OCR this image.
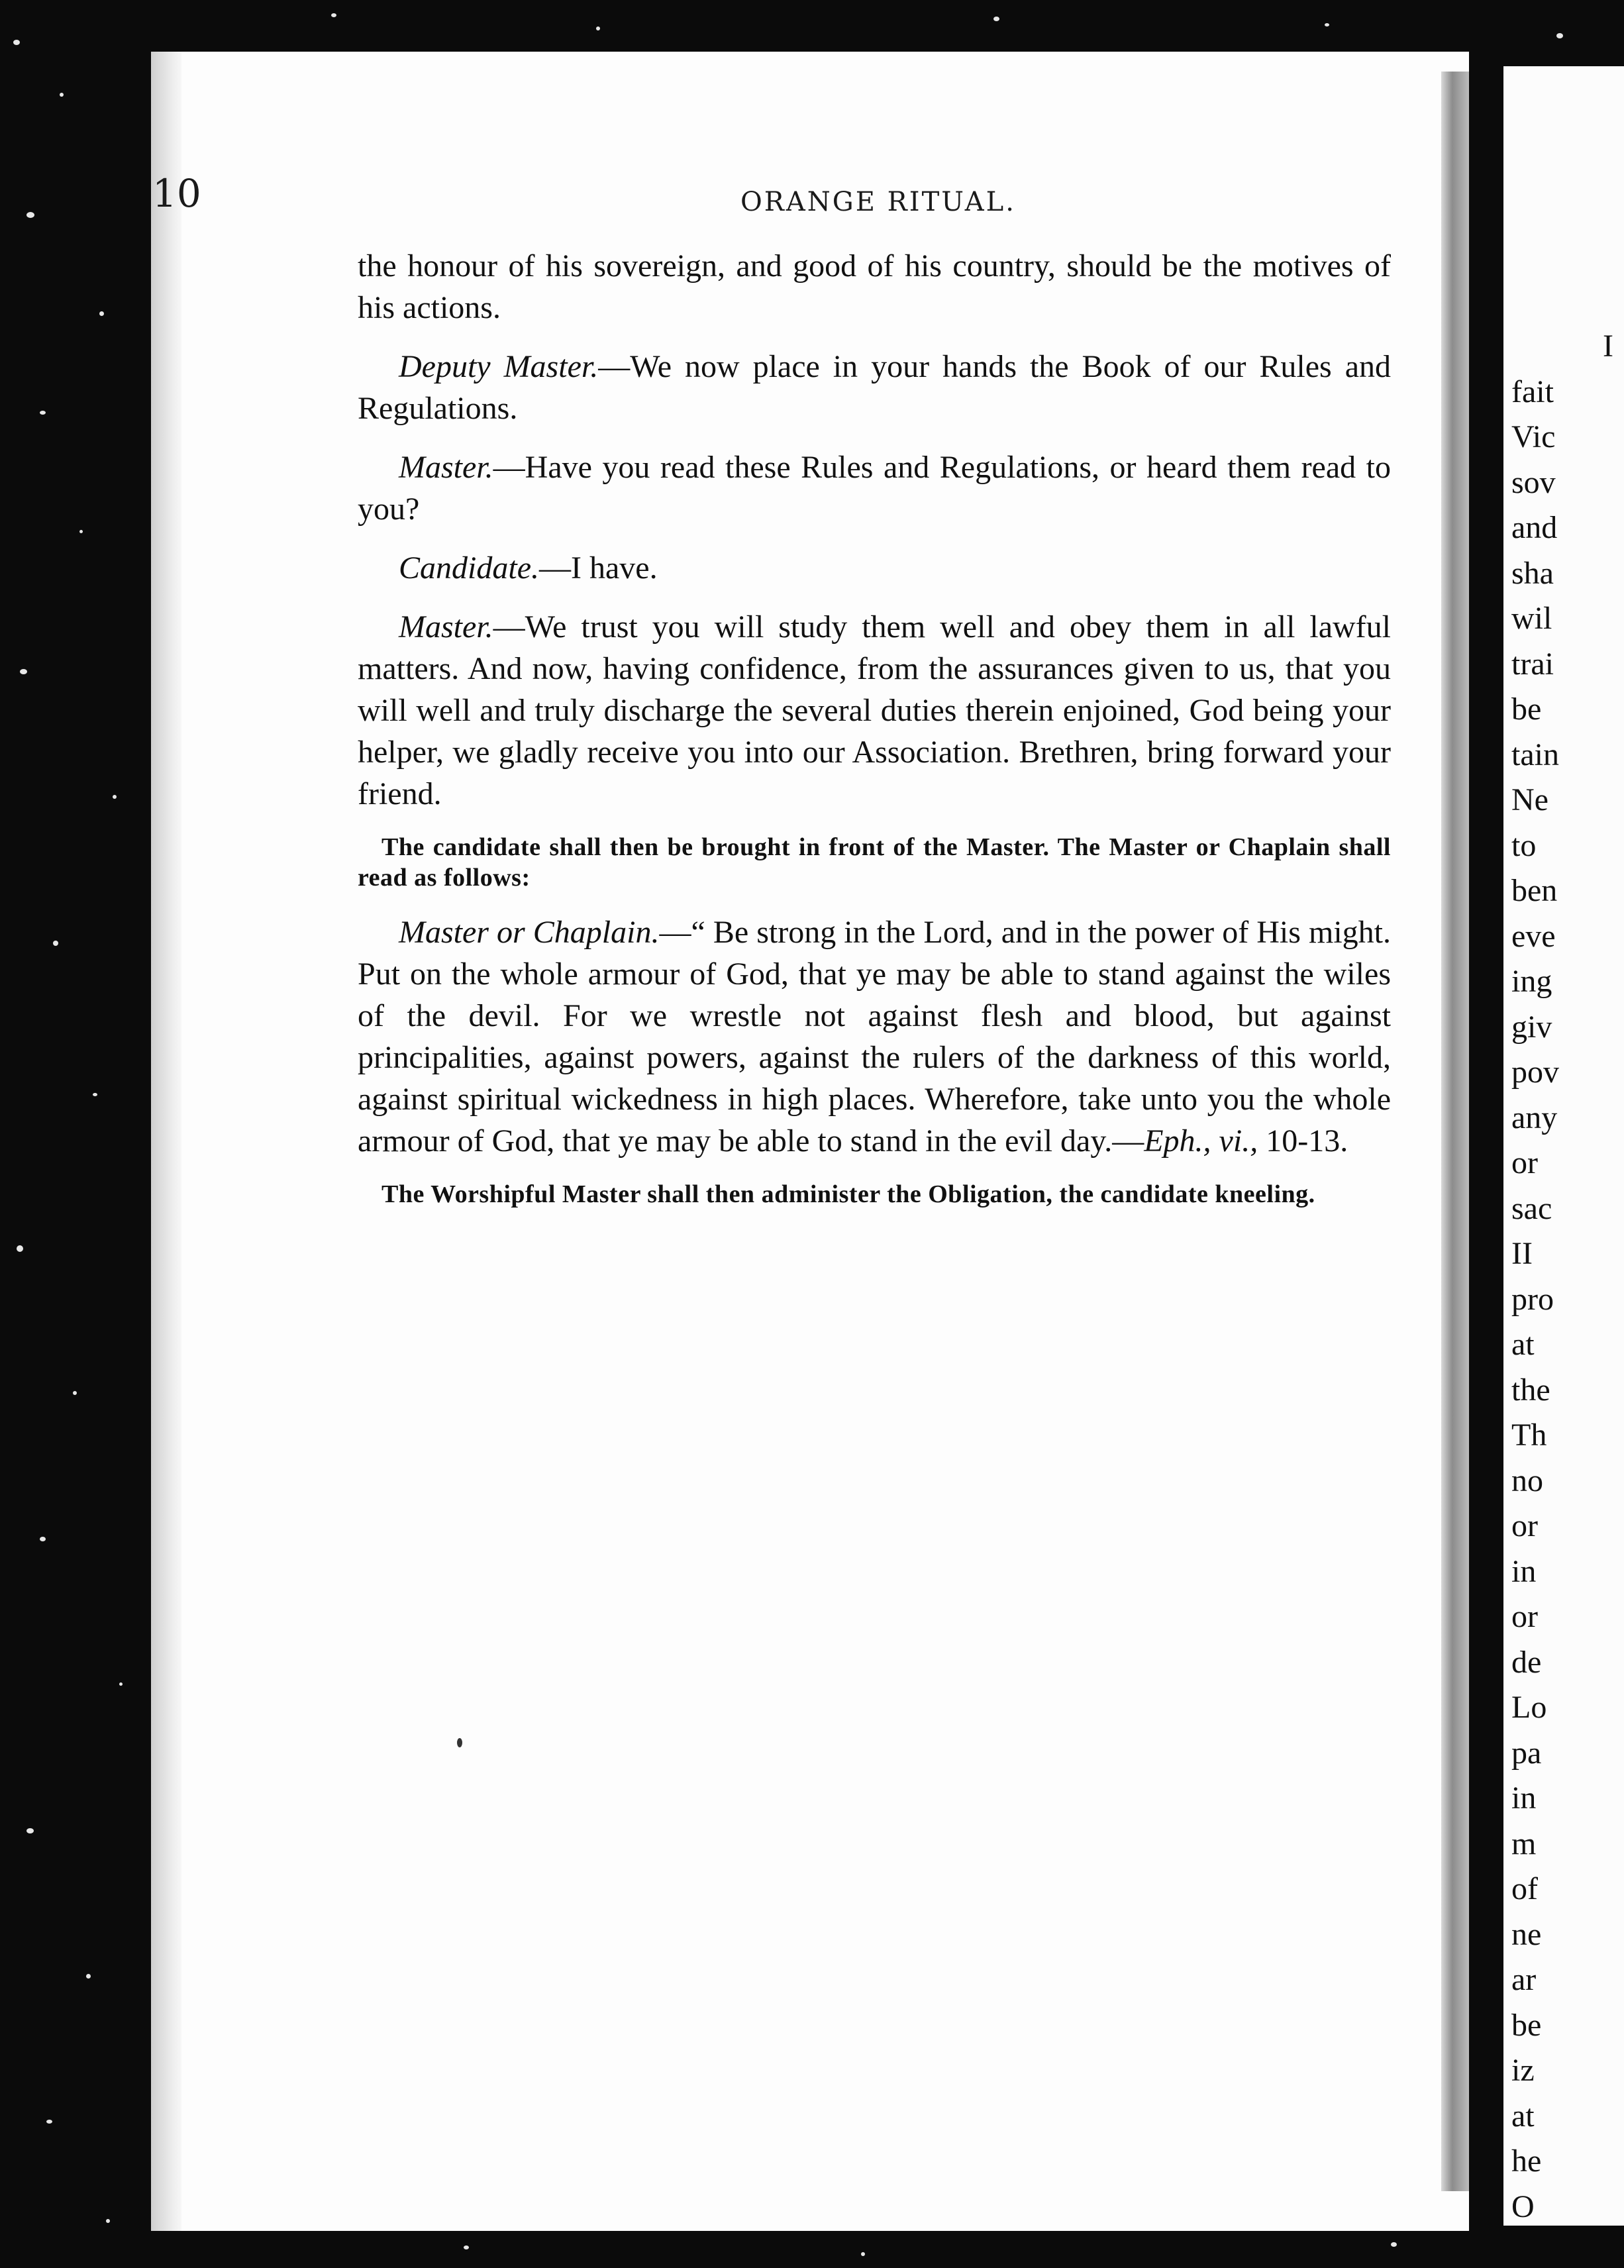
10	ORANGE RITUAL.

the honour of his sovereign, and good of his country, should be the motives of his actions.

Deputy Master.—We now place in your hands the Book of our Rules and Regulations.

Master.—Have you read these Rules and Regulations, or heard them read to you?

Candidate.—I have.

Master.—We trust you will study them well and obey them in all lawful matters. And now, having confidence, from the assurances given to us, that you will well and truly discharge the several duties therein enjoined, God being your helper, we gladly receive you into our Association. Brethren, bring forward your friend.

The candidate shall then be brought in front of the Master. The Master or Chaplain shall read as follows:

Master or Chaplain.—“ Be strong in the Lord, and in the power of His might. Put on the whole armour of God, that ye may be able to stand against the wiles of the devil. For we wrestle not against flesh and blood, but against principalities, against powers, against the rulers of the darkness of this world, against spiritual wickedness in high places. Wherefore, take unto you the whole armour of God, that ye may be able to stand in the evil day.—Eph., vi., 10-13.

The Worshipful Master shall then administer the Obligation, the candidate kneeling.

I
fait
Vic
sov
and
sha
wil
trai
be
tain
Ne
to
ben
eve
ing
giv
pov
any
or
sac
II
pro
at
the
Th
no
or
in
or
de
Lo
pa
in
m
of
ne
ar
be
iz
at
he
O
